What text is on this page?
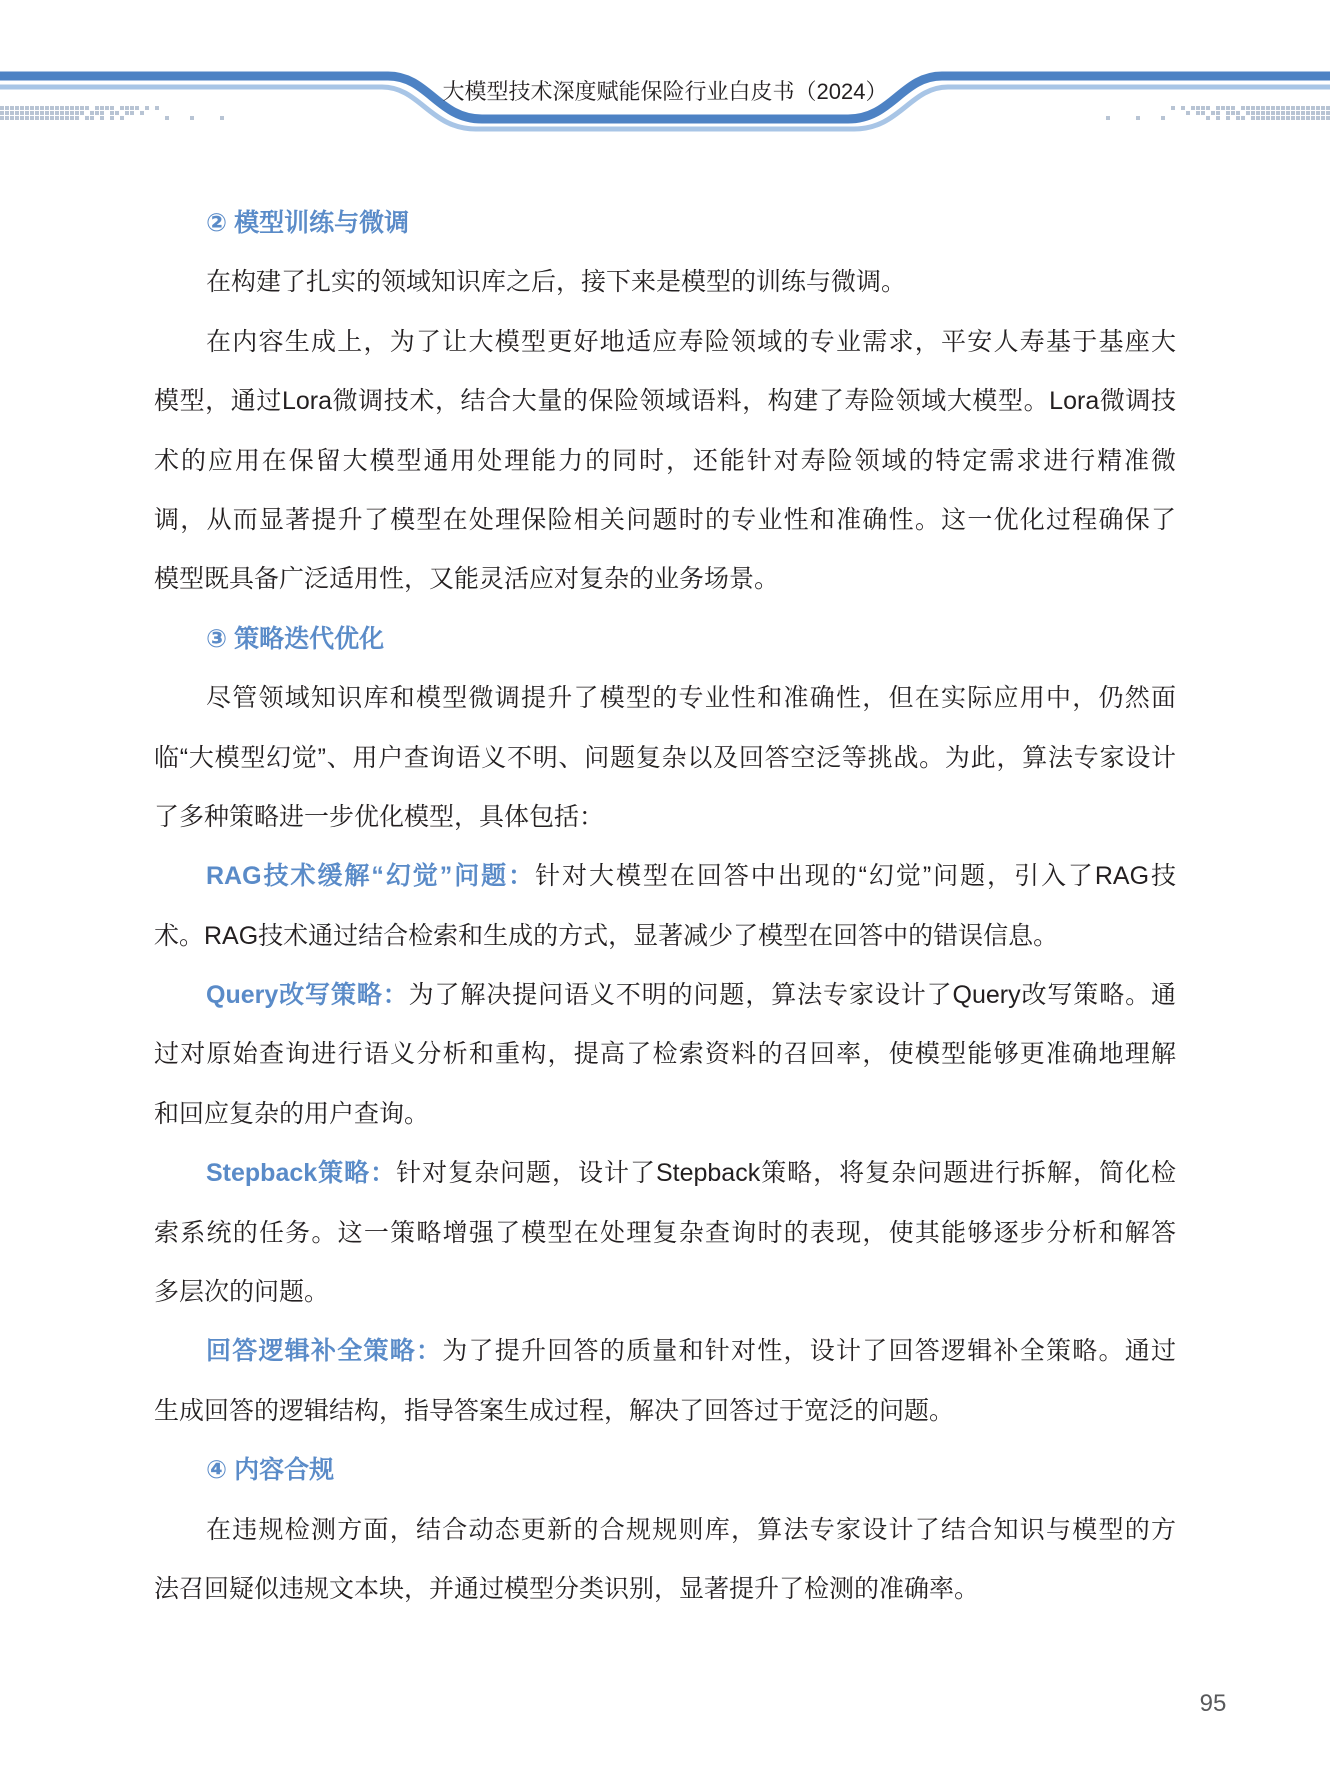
大模型技术深度赋能保险行业白皮书（2024）
② 模型训练与微调
在构建了扎实的领域知识库之后，接下来是模型的训练与微调。
在内容生成上，为了让大模型更好地适应寿险领域的专业需求，平安人寿基于基座大
模型，通过Lora微调技术，结合大量的保险领域语料，构建了寿险领域大模型。Lora微调技
术的应用在保留大模型通用处理能力的同时，还能针对寿险领域的特定需求进行精准微
调，从而显著提升了模型在处理保险相关问题时的专业性和准确性。这一优化过程确保了
模型既具备广泛适用性，又能灵活应对复杂的业务场景。
③ 策略迭代优化
尽管领域知识库和模型微调提升了模型的专业性和准确性，但在实际应用中，仍然面
临“大模型幻觉”、用户查询语义不明、问题复杂以及回答空泛等挑战。为此，算法专家设计
了多种策略进一步优化模型，具体包括：
RAG技术缓解“幻觉”问题：针对大模型在回答中出现的“幻觉”问题，引入了RAG技
术。RAG技术通过结合检索和生成的方式，显著减少了模型在回答中的错误信息。
Query改写策略：为了解决提问语义不明的问题，算法专家设计了Query改写策略。通
过对原始查询进行语义分析和重构，提高了检索资料的召回率，使模型能够更准确地理解
和回应复杂的用户查询。
Stepback策略：针对复杂问题，设计了Stepback策略，将复杂问题进行拆解，简化检
索系统的任务。这一策略增强了模型在处理复杂查询时的表现，使其能够逐步分析和解答
多层次的问题。
回答逻辑补全策略：为了提升回答的质量和针对性，设计了回答逻辑补全策略。通过
生成回答的逻辑结构，指导答案生成过程，解决了回答过于宽泛的问题。
④ 内容合规
在违规检测方面，结合动态更新的合规规则库，算法专家设计了结合知识与模型的方
法召回疑似违规文本块，并通过模型分类识别，显著提升了检测的准确率。
95
